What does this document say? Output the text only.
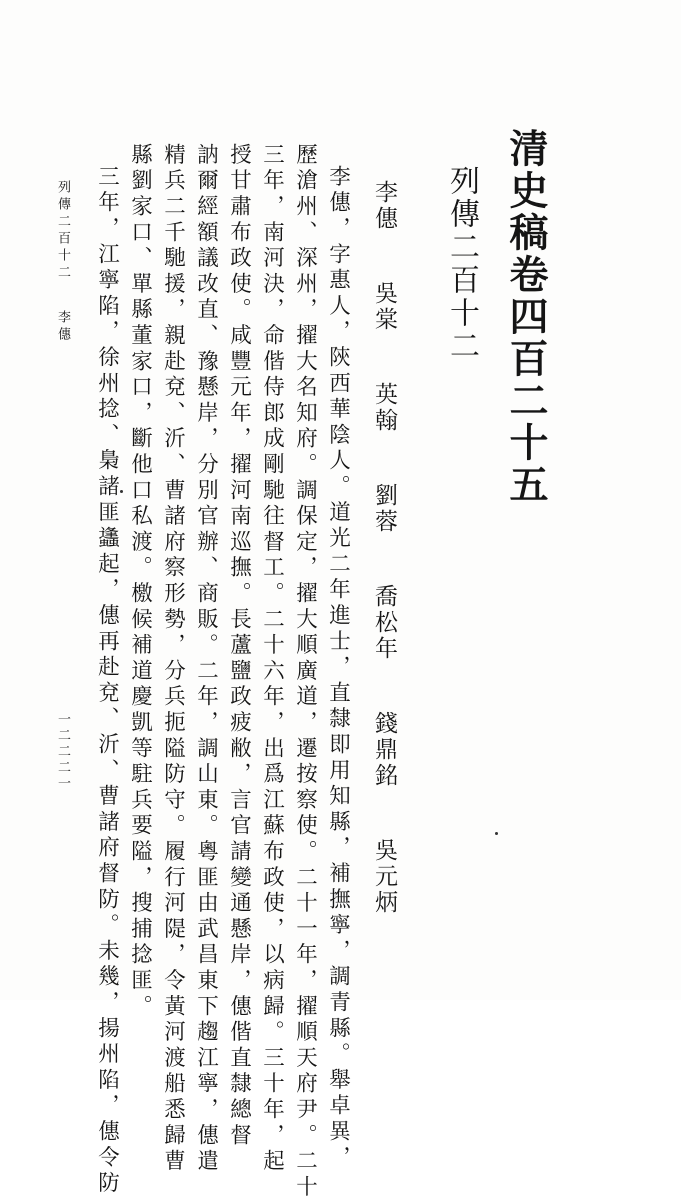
清史稿卷四百二十五
列傳二百十二
李僡 吳棠 英翰 劉蓉 喬松年 錢鼎銘 吳元炳
李僡，字惠人，陝西華陰人。道光二年進士，直隸即用知縣，補撫寧，調青縣。舉卓異，
歷滄州、深州，擢大名知府。調保定，擢大順廣道，遷按察使。二十一年，擢順天府尹。二十
三年，南河決，命偕侍郎成剛馳往督工。二十六年，出爲江蘇布政使，以病歸。三十年，起
授甘肅布政使。咸豐元年，擢河南巡撫。長蘆鹽政疲敝，言官請變通懸岸，僡偕直隸總督
訥爾經額議改直、豫懸岸，分別官辦、商販。二年，調山東。粵匪由武昌東下趨江寧，僡遣
精兵二千馳援，親赴兗、沂、曹諸府察形勢，分兵扼隘防守。履行河隄，令黃河渡船悉歸曹
縣劉家口、單縣董家口，斷他口私渡。檄候補道慶凱等駐兵要隘，搜捕捻匪。
三年，江寧陷，徐州捻、梟諸匪蠭起，僡再赴兗、沂、曹諸府督防。未幾，揚州陷，僡令防
列傳二百十二李僡
一二二二一
